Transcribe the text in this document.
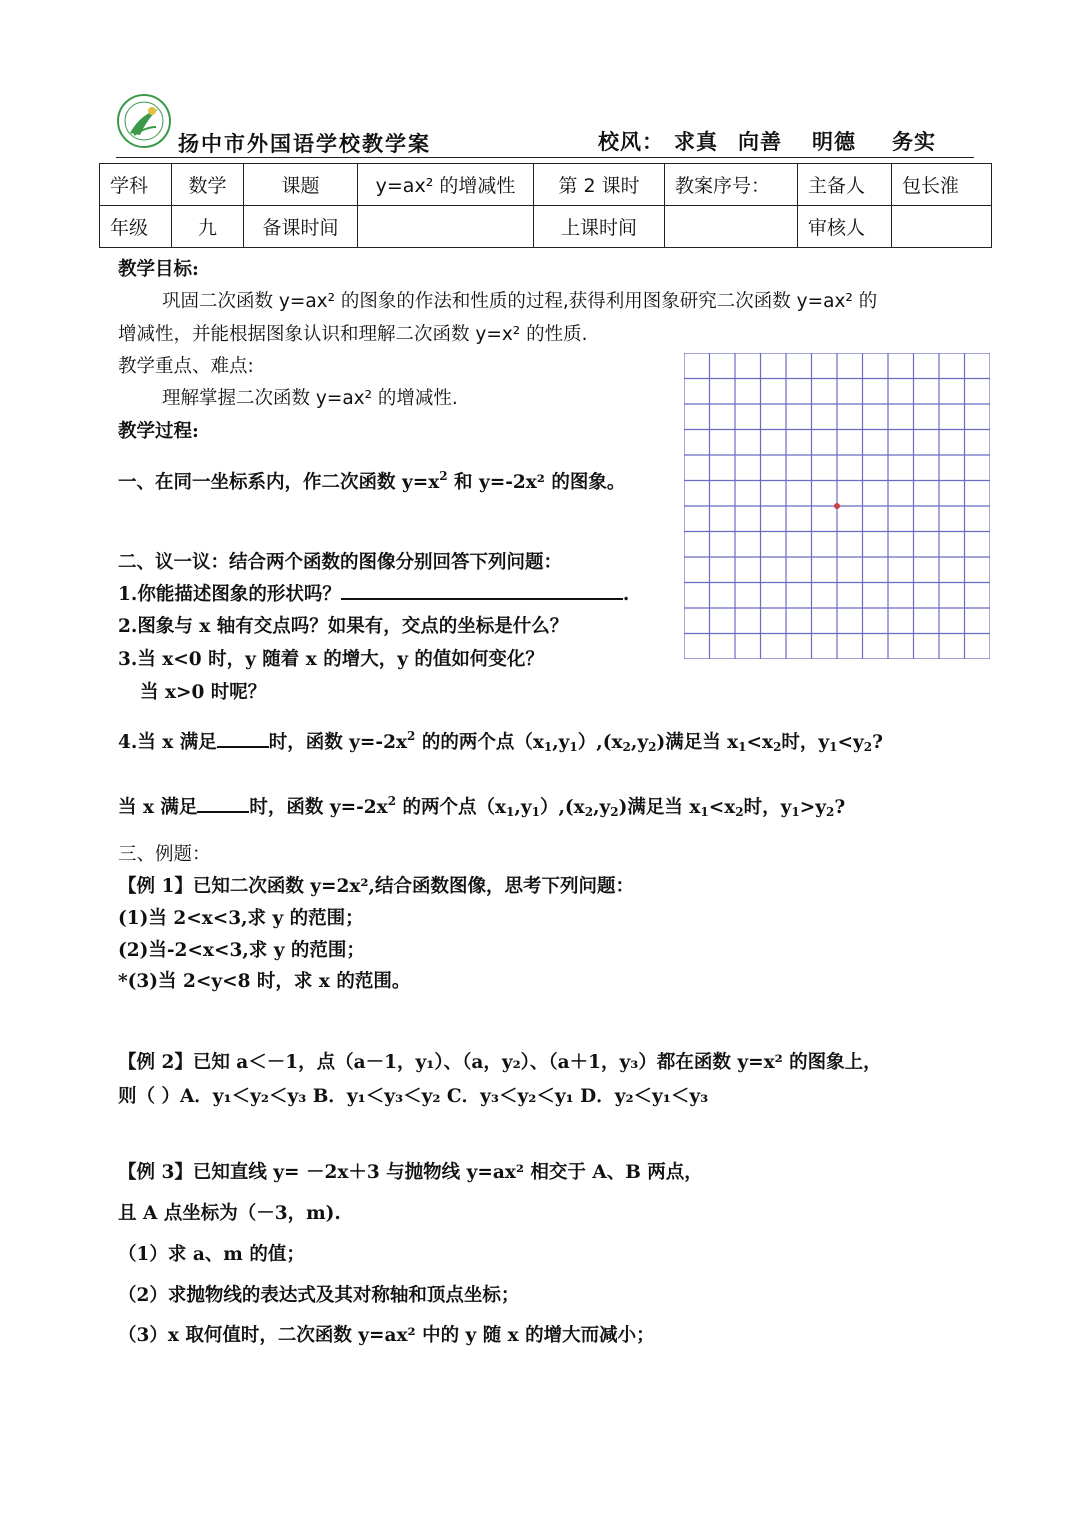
扬中市外国语学校教学案	校风： 求真 向善 明德 务实
学科	数学	课题	y=ax² 的增减性	第 2 课时	教案序号：	主备人	包长淮
年级	九	备课时间		上课时间		审核人	
教学目标:
巩固二次函数 y=ax² 的图象的作法和性质的过程,获得利用图象研究二次函数 y=ax² 的
增减性，并能根据图象认识和理解二次函数 y=x² 的性质.
教学重点、难点:
理解掌握二次函数 y=ax² 的增减性.
教学过程:
一、在同一坐标系内，作二次函数 $y=x^2$ 和 y=-2x² 的图象。
二、议一议：结合两个函数的图像分别回答下列问题：
1.你能描述图象的形状吗？	.
2.图象与 x 轴有交点吗？如果有，交点的坐标是什么？
3.当 x<0 时，y 随着 x 的增大，y 的值如何变化？
当 x>0 时呢？
4.当 x 满足	时，函数 $y=-2x^2$ 的的两个点$(x_1,y_1),(x_2,y_2)$满足当 $x_1<x_2$时，$y_1<y_2$?
当 x 满足	时，函数 $y=-2x^2$ 的两个点$(x_1,y_1),(x_2,y_2)$满足当 $x_1<x_2$时，$y_1>y_2$?
三、例题：
【例 1】已知二次函数 y=2x²,结合函数图像，思考下列问题：
(1)当 2<x<3,求 y 的范围；
(2)当-2<x<3,求 y 的范围；
*(3)当 2<y<8 时，求 x 的范围。
【例 2】已知 a＜－1，点（a－1，y₁）、（a，y₂）、（a＋1，y₃）都在函数 y=x² 的图象上，
则（ ）A．y₁＜y₂＜y₃ B．y₁＜y₃＜y₂ C．y₃＜y₂＜y₁ D．y₂＜y₁＜y₃
【例 3】已知直线 y= －2x＋3 与抛物线 y=ax² 相交于 A、B 两点，
且 A 点坐标为（－3，m).
（1）求 a、m 的值；
（2）求抛物线的表达式及其对称轴和顶点坐标；
（3）x 取何值时，二次函数 y=ax² 中的 y 随 x 的增大而减小；
